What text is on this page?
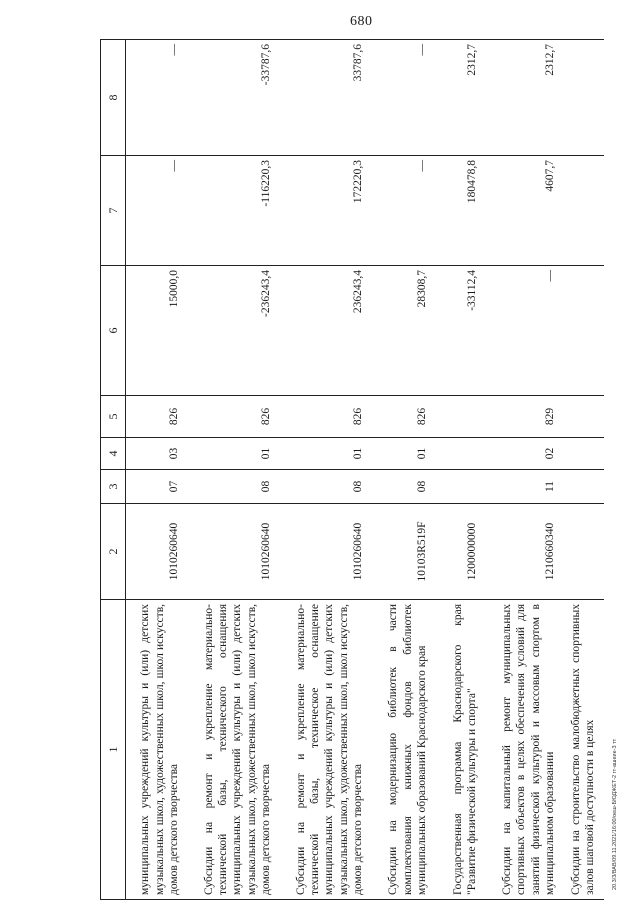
680
20.3/3/ВАВ/09.11.2021/16:00/оеш-БЮДЖЕТ-2 гт-ашеие-3 тт
1	2	3	4	5	6	7	8
муниципальных учреждений культуры и (или) детских музыкальных школ, художественных школ, школ искусств, домов детского творчества	1010260640	07	03	826	15000,0	—	—
Субсидии на ремонт и укрепление материально-технической базы, технического оснащения муниципальных учреждений культуры и (или) детских музыкальных школ, художественных школ, школ искусств, домов детского творчества	1010260640	08	01	826	-236243,4	-116220,3	-33787,6
Субсидии на ремонт и укрепление материально-технической базы, техническое оснащение муниципальных учреждений культуры и (или) детских музыкальных школ, художественных школ, школ искусств, домов детского творчества	1010260640	08	01	826	236243,4	172220,3	33787,6
Субсидии на модернизацию библиотек в части комплектования книжных фондов библиотек муниципальных образований Краснодарского края	10103R519F	08	01	826	28308,7	—	—
Государственная программа Краснодарского края "Развитие физической культуры и спорта"	1200000000				-33112,4	180478,8	2312,7
Субсидии на капитальный ремонт муниципальных спортивных объектов в целях обеспечения условий для занятий физической культурой и массовым спортом в муниципальном образовании	1210660340	11	02	829	—	4607,7	2312,7
Субсидии на строительство малобюджетных спортивных залов шаговой доступности в целях							
